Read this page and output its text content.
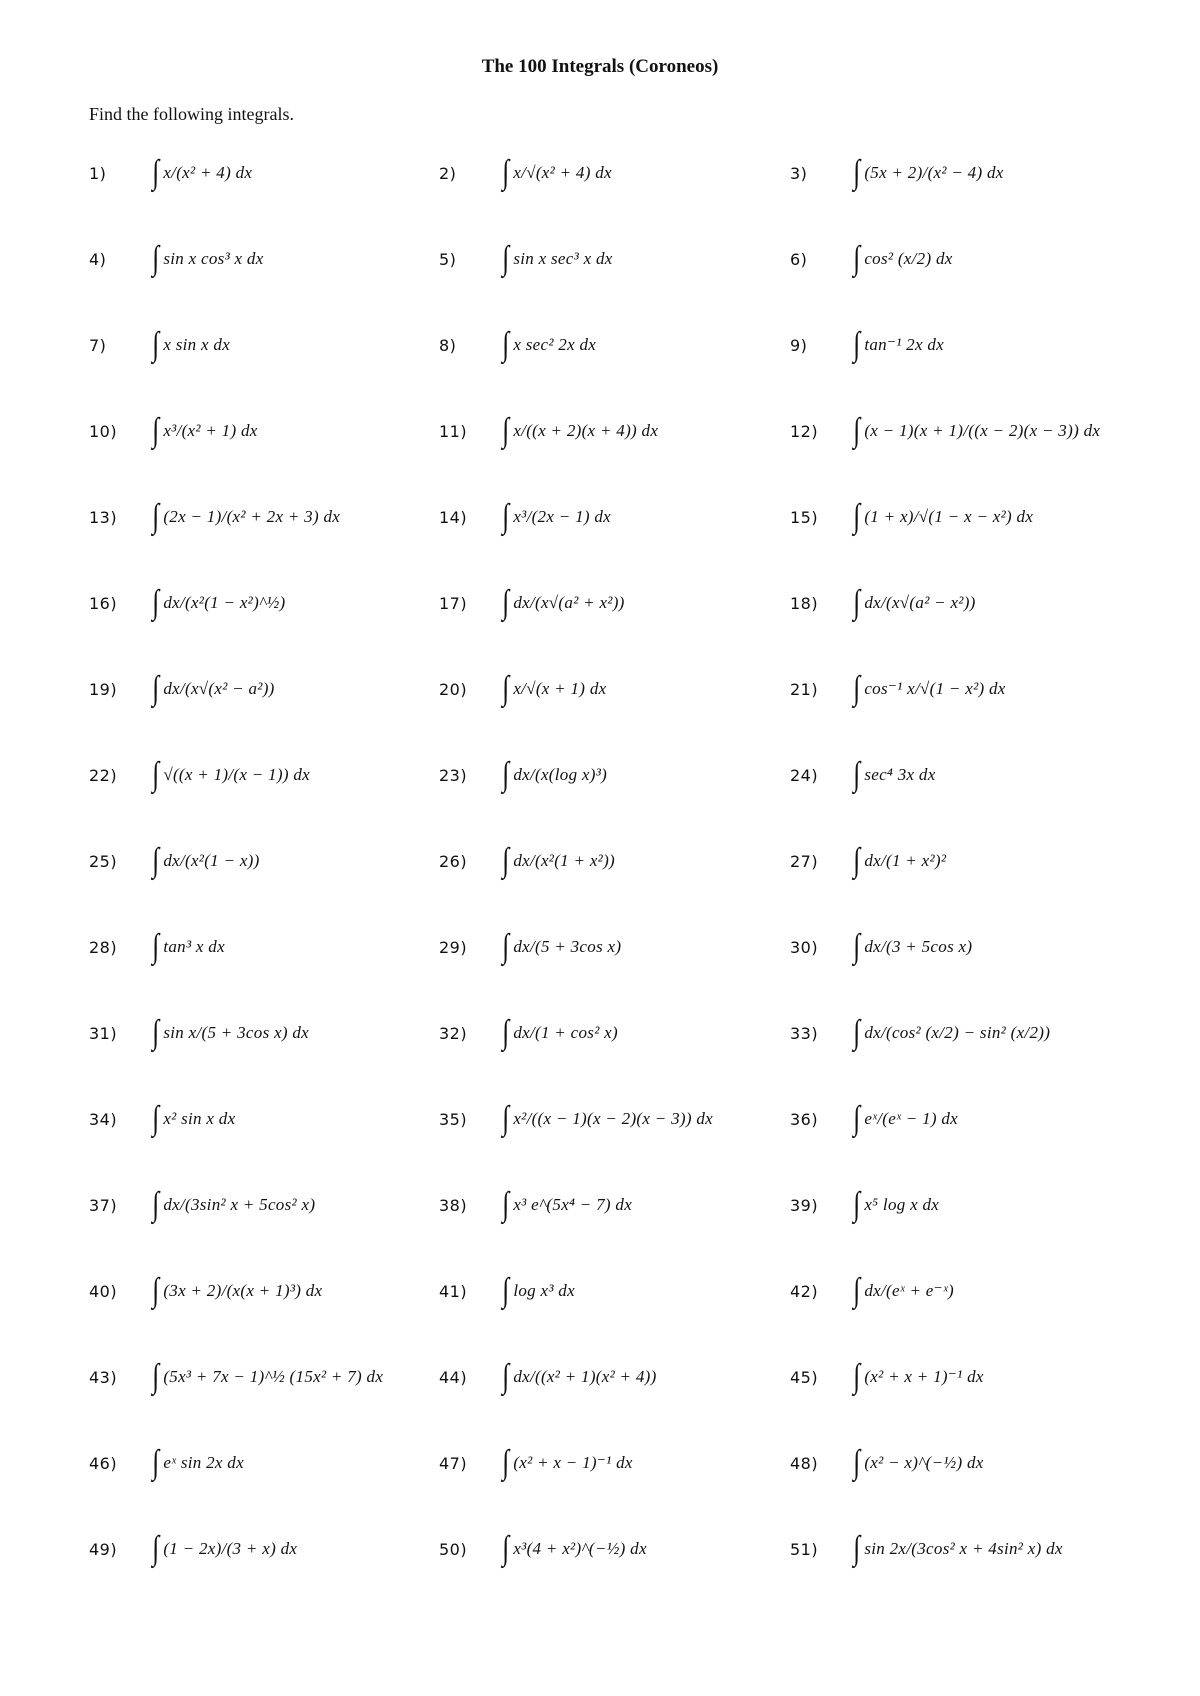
The 100 Integrals (Coroneos)
Find the following integrals.
1)	∫ x/(x² + 4) dx	2)	∫ x/√(x² + 4) dx	3)	∫ (5x + 2)/(x² − 4) dx
4)	∫ sin x cos³ x dx	5)	∫ sin x sec³ x dx	6)	∫ cos² (x/2) dx
7)	∫ x sin x dx	8)	∫ x sec² 2x dx	9)	∫ tan⁻¹ 2x dx
10)	∫ x³/(x² + 1) dx	11)	∫ x/((x + 2)(x + 4)) dx	12)	∫ (x − 1)(x + 1)/((x − 2)(x − 3)) dx
13)	∫ (2x − 1)/(x² + 2x + 3) dx	14)	∫ x³/(2x − 1) dx	15)	∫ (1 + x)/√(1 − x − x²) dx
16)	∫ dx/(x²(1 − x²)^½)	17)	∫ dx/(x√(a² + x²))	18)	∫ dx/(x√(a² − x²))
19)	∫ dx/(x√(x² − a²))	20)	∫ x/√(x + 1) dx	21)	∫ cos⁻¹ x/√(1 − x²) dx
22)	∫ √((x + 1)/(x − 1)) dx	23)	∫ dx/(x(log x)³)	24)	∫ sec⁴ 3x dx
25)	∫ dx/(x²(1 − x))	26)	∫ dx/(x²(1 + x²))	27)	∫ dx/(1 + x²)²
28)	∫ tan³ x dx	29)	∫ dx/(5 + 3cos x)	30)	∫ dx/(3 + 5cos x)
31)	∫ sin x/(5 + 3cos x) dx	32)	∫ dx/(1 + cos² x)	33)	∫ dx/(cos² (x/2) − sin² (x/2))
34)	∫ x² sin x dx	35)	∫ x²/((x − 1)(x − 2)(x − 3)) dx	36)	∫ eˣ/(eˣ − 1) dx
37)	∫ dx/(3sin² x + 5cos² x)	38)	∫ x³ e^(5x⁴ − 7) dx	39)	∫ x⁵ log x dx
40)	∫ (3x + 2)/(x(x + 1)³) dx	41)	∫ log x³ dx	42)	∫ dx/(eˣ + e⁻ˣ)
43)	∫ (5x³ + 7x − 1)^½ (15x² + 7) dx	44)	∫ dx/((x² + 1)(x² + 4))	45)	∫ (x² + x + 1)⁻¹ dx
46)	∫ eˣ sin 2x dx	47)	∫ (x² + x − 1)⁻¹ dx	48)	∫ (x² − x)^(−½) dx
49)	∫ (1 − 2x)/(3 + x) dx	50)	∫ x³(4 + x²)^(−½) dx	51)	∫ sin 2x/(3cos² x + 4sin² x) dx
